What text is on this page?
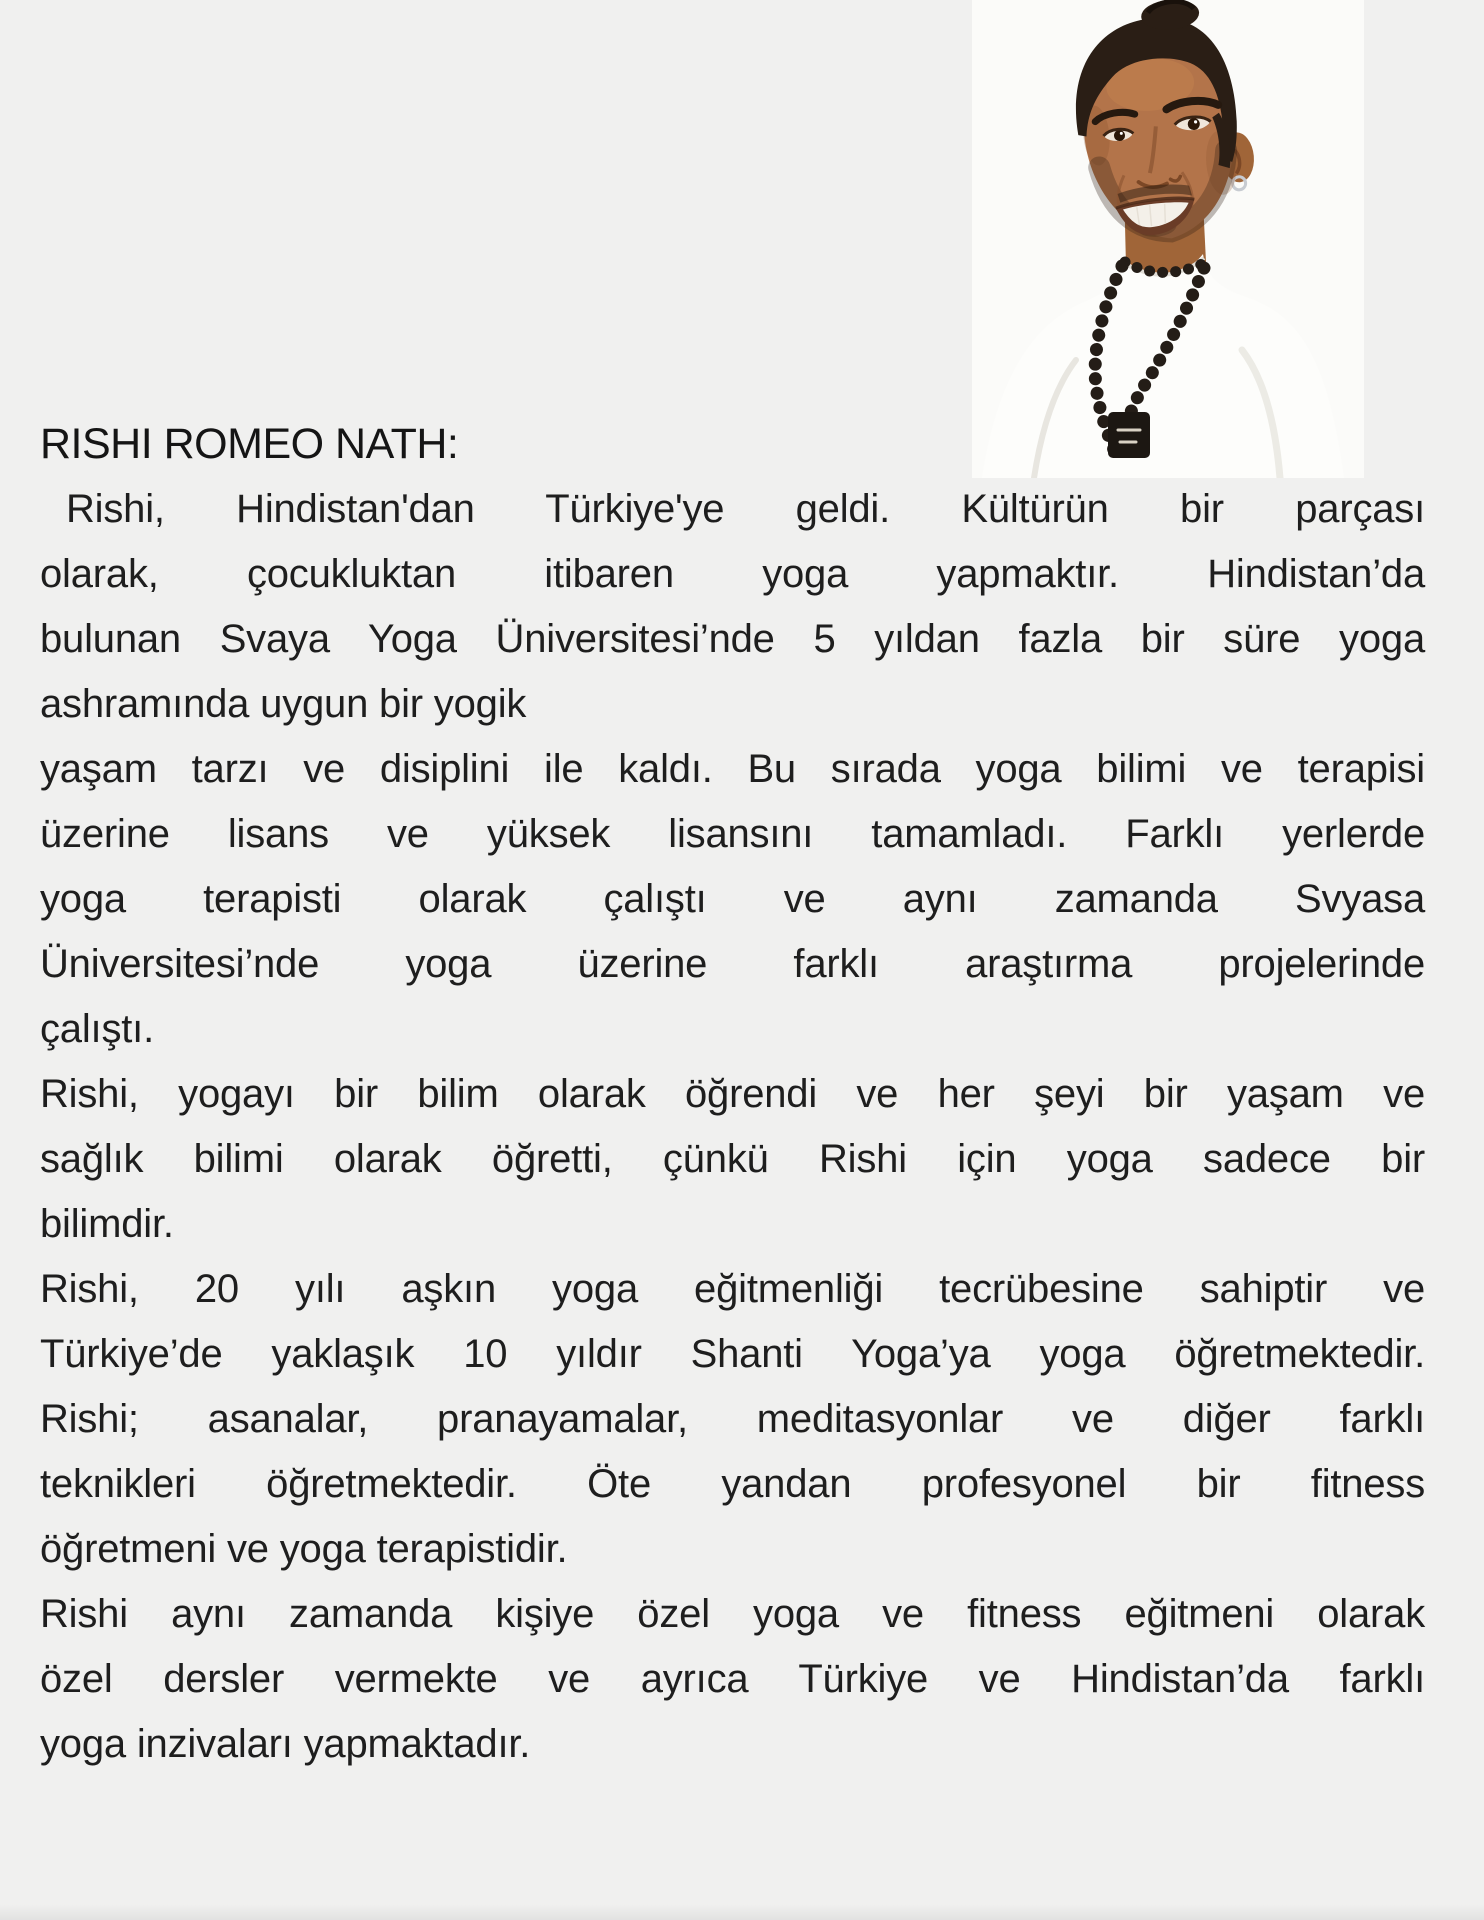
RISHI ROMEO NATH:
Rishi, Hindistan'dan Türkiye'ye geldi. Kültürün bir parçası
olarak, çocukluktan itibaren yoga yapmaktır. Hindistan’da
bulunan Svaya Yoga Üniversitesi’nde 5 yıldan fazla bir süre yoga
ashramında uygun bir yogik
yaşam tarzı ve disiplini ile kaldı. Bu sırada yoga bilimi ve terapisi
üzerine lisans ve yüksek lisansını tamamladı. Farklı yerlerde
yoga terapisti olarak çalıştı ve aynı zamanda Svyasa
Üniversitesi’nde yoga üzerine farklı araştırma projelerinde
çalıştı.
Rishi, yogayı bir bilim olarak öğrendi ve her şeyi bir yaşam ve
sağlık bilimi olarak öğretti, çünkü Rishi için yoga sadece bir
bilimdir.
Rishi, 20 yılı aşkın yoga eğitmenliği tecrübesine sahiptir ve
Türkiye’de yaklaşık 10 yıldır Shanti Yoga’ya yoga öğretmektedir.
Rishi; asanalar, pranayamalar, meditasyonlar ve diğer farklı
teknikleri öğretmektedir. Öte yandan profesyonel bir fitness
öğretmeni ve yoga terapistidir.
Rishi aynı zamanda kişiye özel yoga ve fitness eğitmeni olarak
özel dersler vermekte ve ayrıca Türkiye ve Hindistan’da farklı
yoga inzivaları yapmaktadır.
